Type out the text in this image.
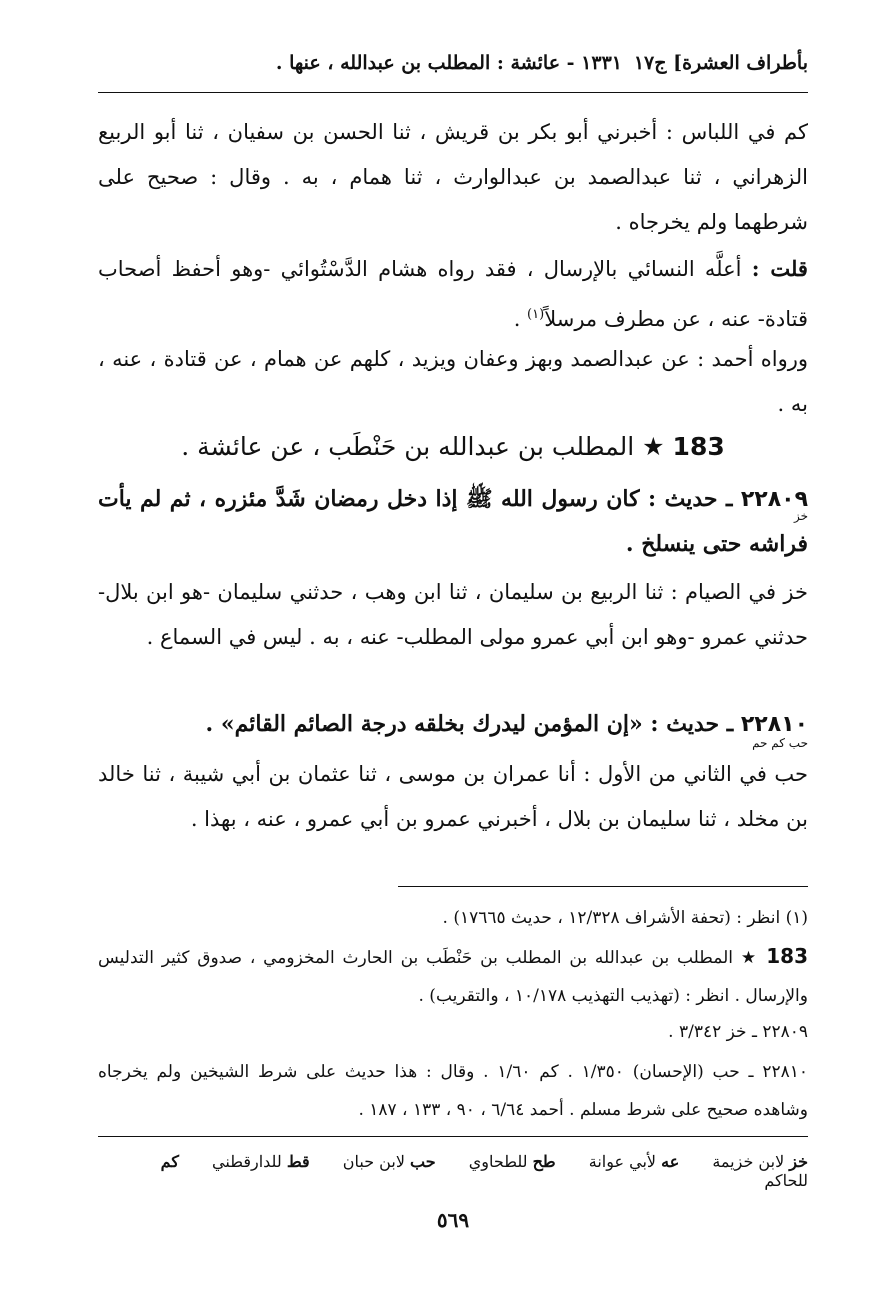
بأطراف العشرة] ج١٧
١٣٣١ - عائشة : المطلب بن عبدالله ، عنها .
كم في اللباس : أخبرني أبو بكر بن قريش ، ثنا الحسن بن سفيان ، ثنا أبو الربيع الزهراني ، ثنا عبدالصمد بن عبدالوارث ، ثنا همام ، به . وقال : صحيح على شرطهما ولم يخرجاه .
قلت : أعلَّه النسائي بالإرسال ، فقد رواه هشام الدَّسْتُوائي -وهو أحفظ أصحاب قتادة- عنه ، عن مطرف مرسلاً$^{(١)}$ .
ورواه أحمد : عن عبدالصمد وبهز وعفان ويزيد ، كلهم عن همام ، عن قتادة ، عنه ، به .
183 ★ المطلب بن عبدالله بن حَنْطَب ، عن عائشة .
٢٢٨٠٩ ـ حديث : كان رسول الله ﷺ إذا دخل رمضان شَدَّ مئزره ، ثم لم يأت فراشه حتى ينسلخ .
خز
خز في الصيام : ثنا الربيع بن سليمان ، ثنا ابن وهب ، حدثني سليمان -هو ابن بلال- حدثني عمرو -وهو ابن أبي عمرو مولى المطلب- عنه ، به . ليس في السماع .
٢٢٨١٠ ـ حديث : «إن المؤمن ليدرك بخلقه درجة الصائم القائم» .
حب كم حم
حب في الثاني من الأول : أنا عمران بن موسى ، ثنا عثمان بن أبي شيبة ، ثنا خالد بن مخلد ، ثنا سليمان بن بلال ، أخبرني عمرو بن أبي عمرو ، عنه ، بهذا .
(١) انظر : (تحفة الأشراف ١٢/٣٢٨ ، حديث ١٧٦٦٥) .
183 ★ المطلب بن عبدالله بن المطلب بن حَنْطَب بن الحارث المخزومي ، صدوق كثير التدليس والإرسال . انظر : (تهذيب التهذيب ١٠/١٧٨ ، والتقريب) .
٢٢٨٠٩ ـ خز ٣/٣٤٢ .
٢٢٨١٠ ـ حب (الإحسان) ١/٣٥٠ . كم ١/٦٠ . وقال : هذا حديث على شرط الشيخين ولم يخرجاه وشاهده صحيح على شرط مسلم . أحمد ٦/٦٤ ، ٩٠ ، ١٣٣ ، ١٨٧ .
خز لابن خزيمة عه لأبي عوانة طح للطحاوي حب لابن حبان قط للدارقطني كم للحاكم
٥٦٩
